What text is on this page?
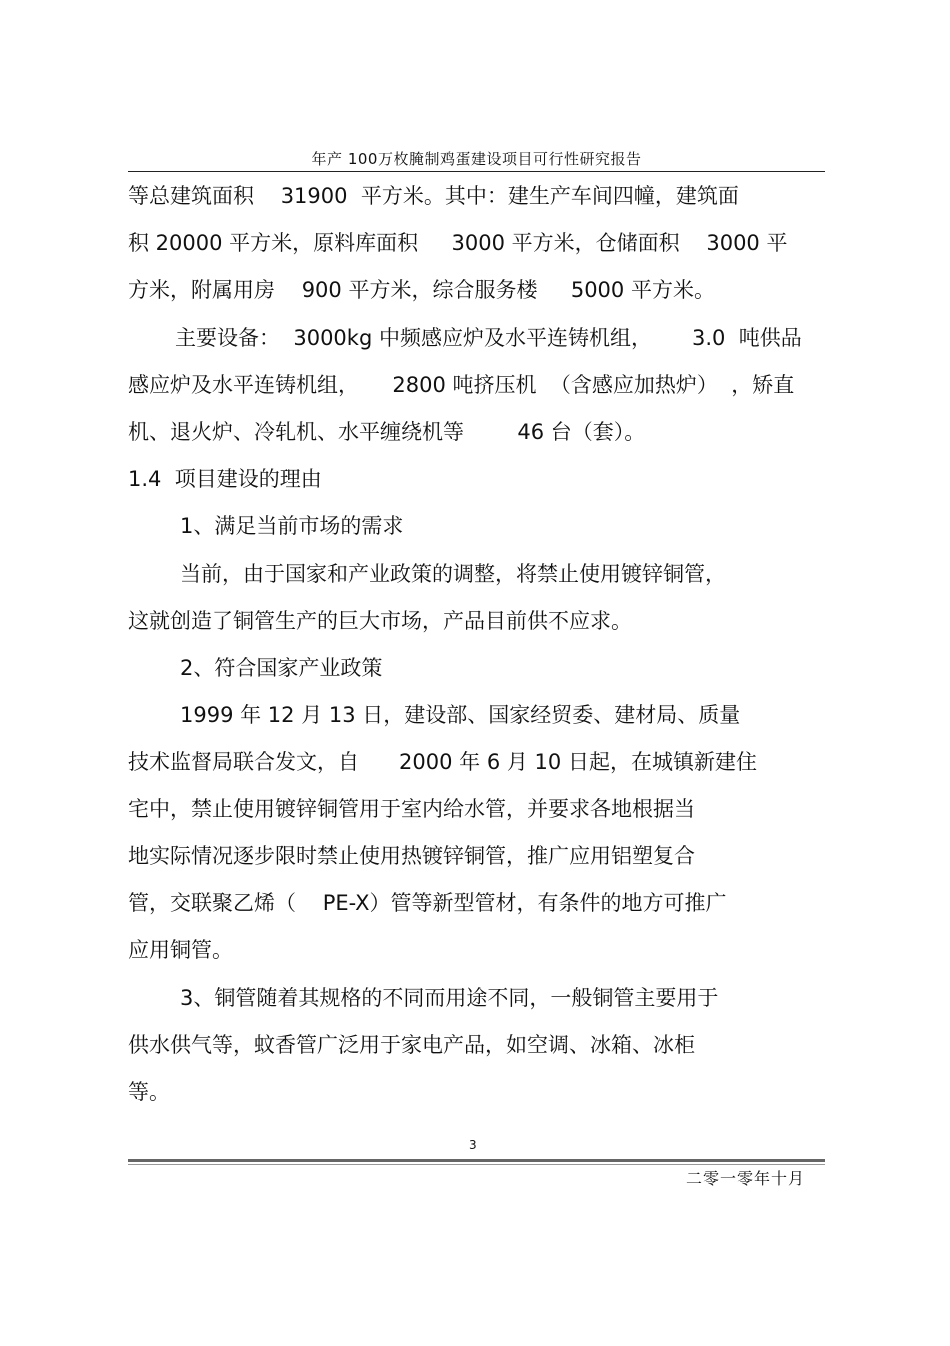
年产 100万枚腌制鸡蛋建设项目可行性研究报告
等总建筑面积    31900  平方米。其中：建生产车间四幢，建筑面
积 20000 平方米，原料库面积     3000 平方米，仓储面积    3000 平
方米，附属用房    900 平方米，综合服务楼     5000 平方米。
主要设备：  3000kg 中频感应炉及水平连铸机组，      3.0  吨供品
感应炉及水平连铸机组，     2800 吨挤压机  （含感应加热炉）  ，矫直
机、退火炉、冷轧机、水平缠绕机等        46 台（套）。
1.4  项目建设的理由
1、满足当前市场的需求
当前，由于国家和产业政策的调整，将禁止使用镀锌铜管，
这就创造了铜管生产的巨大市场，产品目前供不应求。
2、符合国家产业政策
1999 年 12 月 13 日，建设部、国家经贸委、建材局、质量
技术监督局联合发文，自      2000 年 6 月 10 日起，在城镇新建住
宅中，禁止使用镀锌铜管用于室内给水管，并要求各地根据当
地实际情况逐步限时禁止使用热镀锌铜管，推广应用铝塑复合
管，交联聚乙烯（    PE-X）管等新型管材，有条件的地方可推广
应用铜管。
3、铜管随着其规格的不同而用途不同，一般铜管主要用于
供水供气等，蚊香管广泛用于家电产品，如空调、冰箱、冰柜
等。
3
二零一零年十月
